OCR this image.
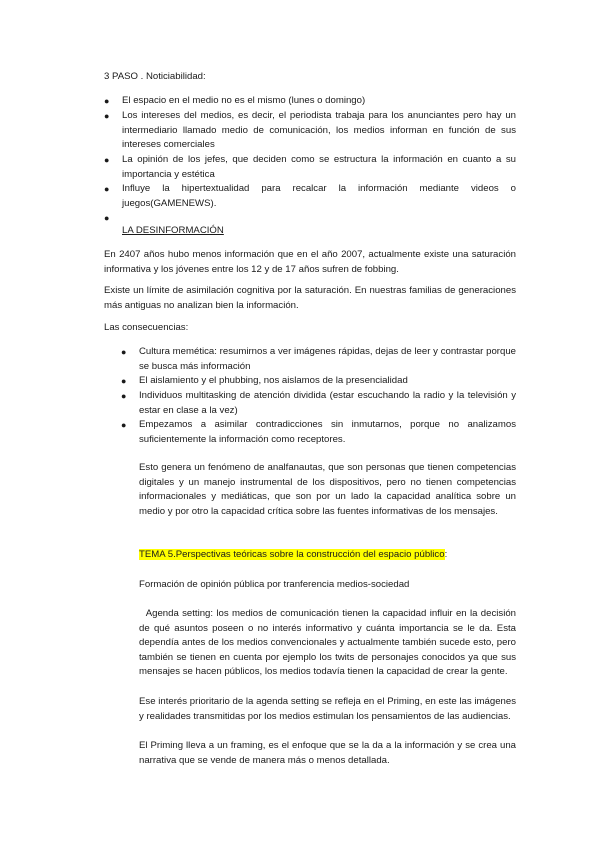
3 PASO . Noticiabilidad:

● El espacio en el medio no es el mismo (lunes o domingo)

● Los intereses del medios, es decir, el periodista trabaja para los anunciantes pero hay un intermediario llamado medio de comunicación, los medios informan en función de sus intereses comerciales

● La opinión de los jefes, que deciden como se estructura la información en cuanto a su importancia y estética

● Influye la hipertextualidad para recalcar la información mediante videos o juegos(GAMENEWS).

●

LA DESINFORMACIÓN

En 2407 años hubo menos información que en el año 2007, actualmente existe una saturación informativa y los jóvenes entre los 12 y de 17 años sufren de fobbing.

Existe un límite de asimilación cognitiva por la saturación. En nuestras familias de generaciones más antiguas no analizan bien la información.

Las consecuencias:

● Cultura memética: resumirnos a ver imágenes rápidas, dejas de leer y contrastar porque se busca más información

● El aislamiento y el phubbing, nos aislamos de la presencialidad

● Individuos multitasking de atención dividida (estar escuchando la radio y la televisión y estar en clase a la vez)

● Empezamos a asimilar contradicciones sin inmutarnos, porque no analizamos suficientemente la información como receptores.

Esto genera un fenómeno de analfanautas, que son personas que tienen competencias digitales y un manejo instrumental de los dispositivos, pero no tienen competencias informacionales y mediáticas, que son por un lado la capacidad analítica sobre un medio y por otro la capacidad crítica sobre las fuentes informativas de los mensajes.

TEMA 5.Perspectivas teóricas sobre la construcción del espacio público:

Formación de opinión pública por tranferencia medios-sociedad

Agenda setting: los medios de comunicación tienen la capacidad influir en la decisión de qué asuntos poseen o no interés informativo y cuánta importancia se le da. Esta dependía antes de los medios convencionales y actualmente también sucede esto, pero también se tienen en cuenta por ejemplo los twits de personajes conocidos ya que sus mensajes se hacen públicos, los medios todavía tienen la capacidad de crear la gente.

Ese interés prioritario de la agenda setting se refleja en el Priming, en este las imágenes y realidades transmitidas por los medios estimulan los pensamientos de las audiencias.

El Priming lleva a un framing, es el enfoque que se la da a la información y se crea una narrativa que se vende de manera más o menos detallada.
